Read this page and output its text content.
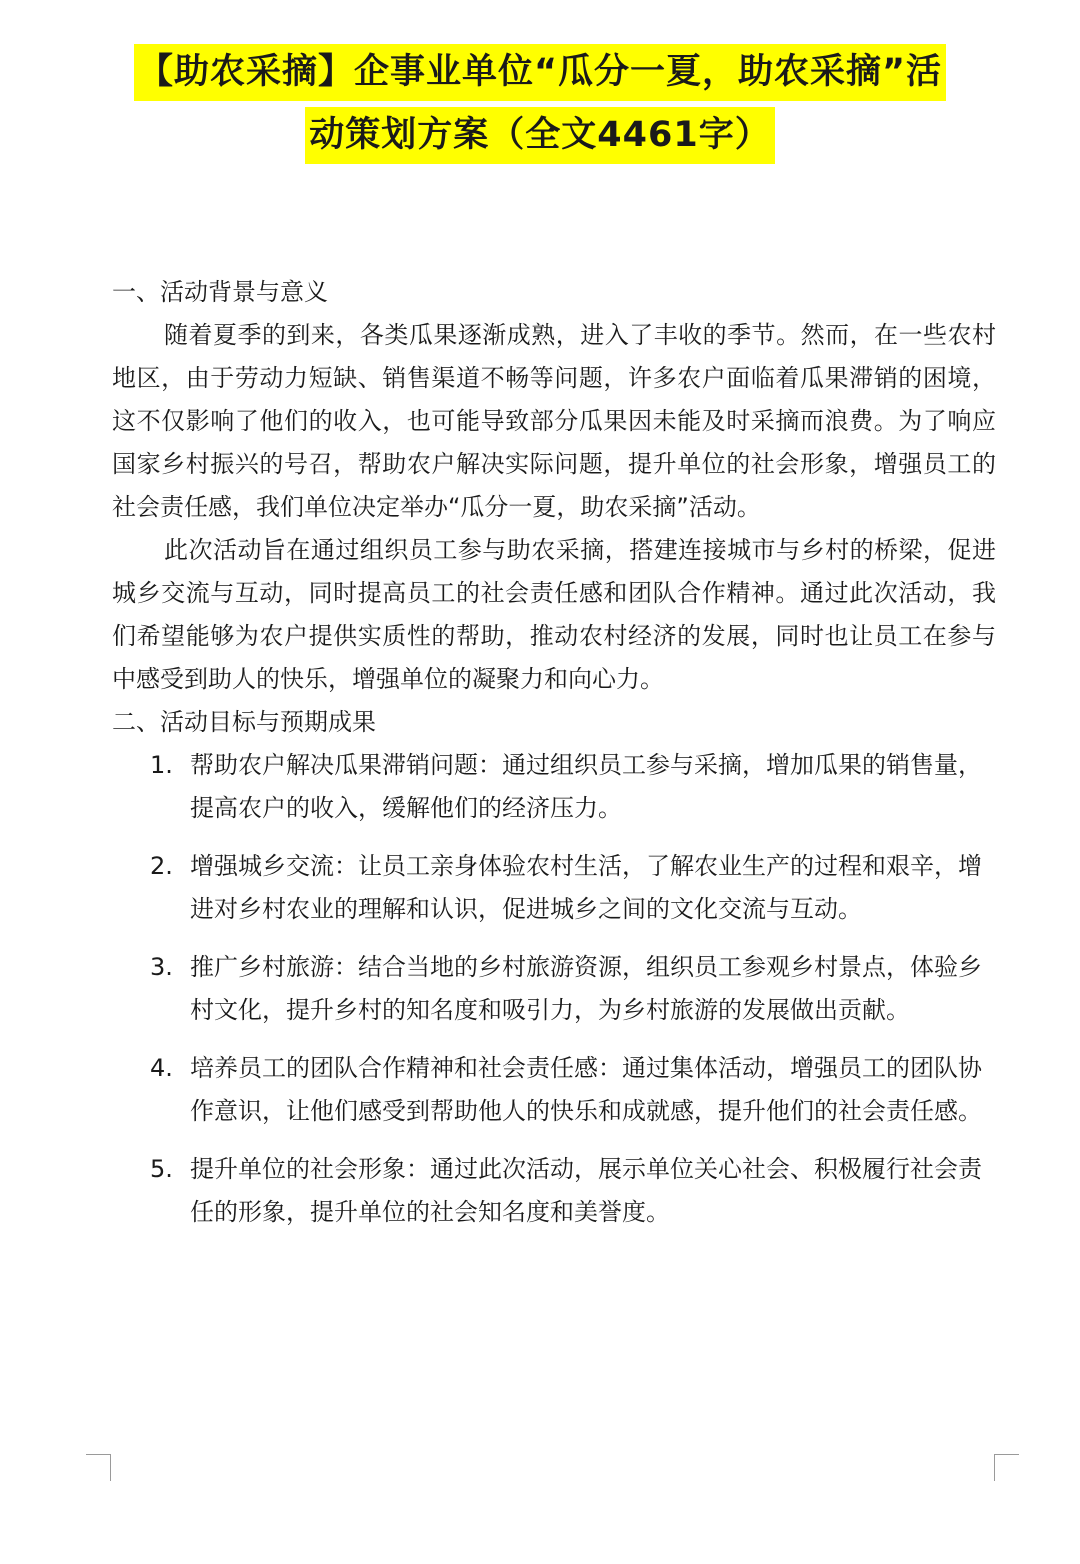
【助农采摘】企事业单位“瓜分一夏，助农采摘”活
动策划方案（全文4461字）

一、活动背景与意义

随着夏季的到来，各类瓜果逐渐成熟，进入了丰收的季节。然而，在一些农村地区，由于劳动力短缺、销售渠道不畅等问题，许多农户面临着瓜果滞销的困境，这不仅影响了他们的收入，也可能导致部分瓜果因未能及时采摘而浪费。为了响应国家乡村振兴的号召，帮助农户解决实际问题，提升单位的社会形象，增强员工的社会责任感，我们单位决定举办“瓜分一夏，助农采摘”活动。

此次活动旨在通过组织员工参与助农采摘，搭建连接城市与乡村的桥梁，促进城乡交流与互动，同时提高员工的社会责任感和团队合作精神。通过此次活动，我们希望能够为农户提供实质性的帮助，推动农村经济的发展，同时也让员工在参与中感受到助人的快乐，增强单位的凝聚力和向心力。

二、活动目标与预期成果

1. 帮助农户解决瓜果滞销问题：通过组织员工参与采摘，增加瓜果的销售量，提高农户的收入，缓解他们的经济压力。
2. 增强城乡交流：让员工亲身体验农村生活，了解农业生产的过程和艰辛，增进对乡村农业的理解和认识，促进城乡之间的文化交流与互动。
3. 推广乡村旅游：结合当地的乡村旅游资源，组织员工参观乡村景点，体验乡村文化，提升乡村的知名度和吸引力，为乡村旅游的发展做出贡献。
4. 培养员工的团队合作精神和社会责任感：通过集体活动，增强员工的团队协作意识，让他们感受到帮助他人的快乐和成就感，提升他们的社会责任感。
5. 提升单位的社会形象：通过此次活动，展示单位关心社会、积极履行社会责任的形象，提升单位的社会知名度和美誉度。
